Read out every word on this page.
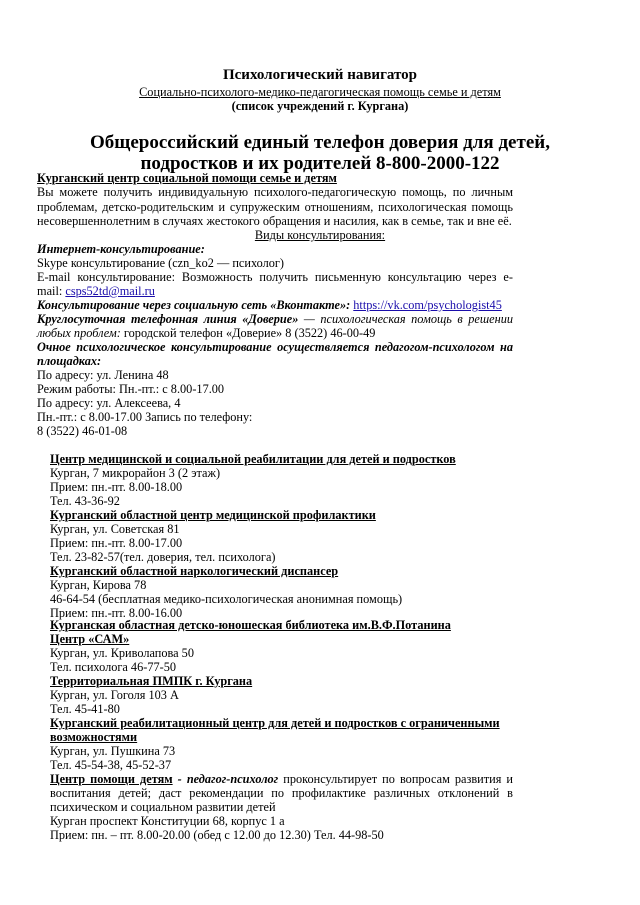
Психологический навигатор
Социально-психолого-медико-педагогическая помощь семье и детям
(список учреждений г. Кургана)
Общероссийский единый телефон доверия для детей,
подростков и их родителей 8-800-2000-122
Курганский центр социальной помощи семье и детям
Вы можете получить индивидуальную психолого-педагогическую помощь, по личным
проблемам, детско-родительским и супружеским отношениям, психологическая помощь
несовершеннолетним в случаях жестокого обращения и насилия, как в семье, так и вне её.
Виды консультирования:
Интернет-консультирование:
Skype консультирование (czn_ko2 — психолог)
E-mail консультирование: Возможность получить письменную консультацию через e-
mail: csps52td@mail.ru
Консультирование через социальную сеть «Вконтакте»: https://vk.com/psychologist45
Круглосуточная телефонная линия «Доверие» — психологическая помощь в решении
любых проблем: городской телефон «Доверие» 8 (3522) 46-00-49
Очное психологическое консультирование осуществляется педагогом-психологом на
площадках:
По адресу: ул. Ленина 48
Режим работы: Пн.-пт.: с 8.00-17.00
По адресу: ул. Алексеева, 4
Пн.-пт.: с 8.00-17.00 Запись по телефону:
8 (3522) 46-01-08
Центр медицинской и социальной реабилитации для детей и подростков
Курган, 7 микрорайон 3 (2 этаж)
Прием: пн.-пт. 8.00-18.00
Тел. 43-36-92
Курганский областной центр медицинской профилактики
Курган, ул. Советская 81
Прием: пн.-пт. 8.00-17.00
Тел. 23-82-57(тел. доверия, тел. психолога)
Курганский областной наркологический диспансер
Курган, Кирова 78
46-64-54 (бесплатная медико-психологическая анонимная помощь)
Прием: пн.-пт. 8.00-16.00
Курганская областная детско-юношеская библиотека им.В.Ф.Потанина
Центр «САМ»
Курган, ул. Криволапова 50
Тел. психолога 46-77-50
Территориальная ПМПК г. Кургана
Курган, ул. Гоголя 103 А
Тел. 45-41-80
Курганский реабилитационный центр для детей и подростков с ограниченными
возможностями
Курган, ул. Пушкина 73
Тел. 45-54-38, 45-52-37
Центр помощи детям - педагог-психолог проконсультирует по вопросам развития и
воспитания детей; даст рекомендации по профилактике различных отклонений в
психическом и социальном развитии детей
Курган проспект Конституции 68, корпус 1 а
Прием: пн. – пт. 8.00-20.00 (обед с 12.00 до 12.30) Тел. 44-98-50
